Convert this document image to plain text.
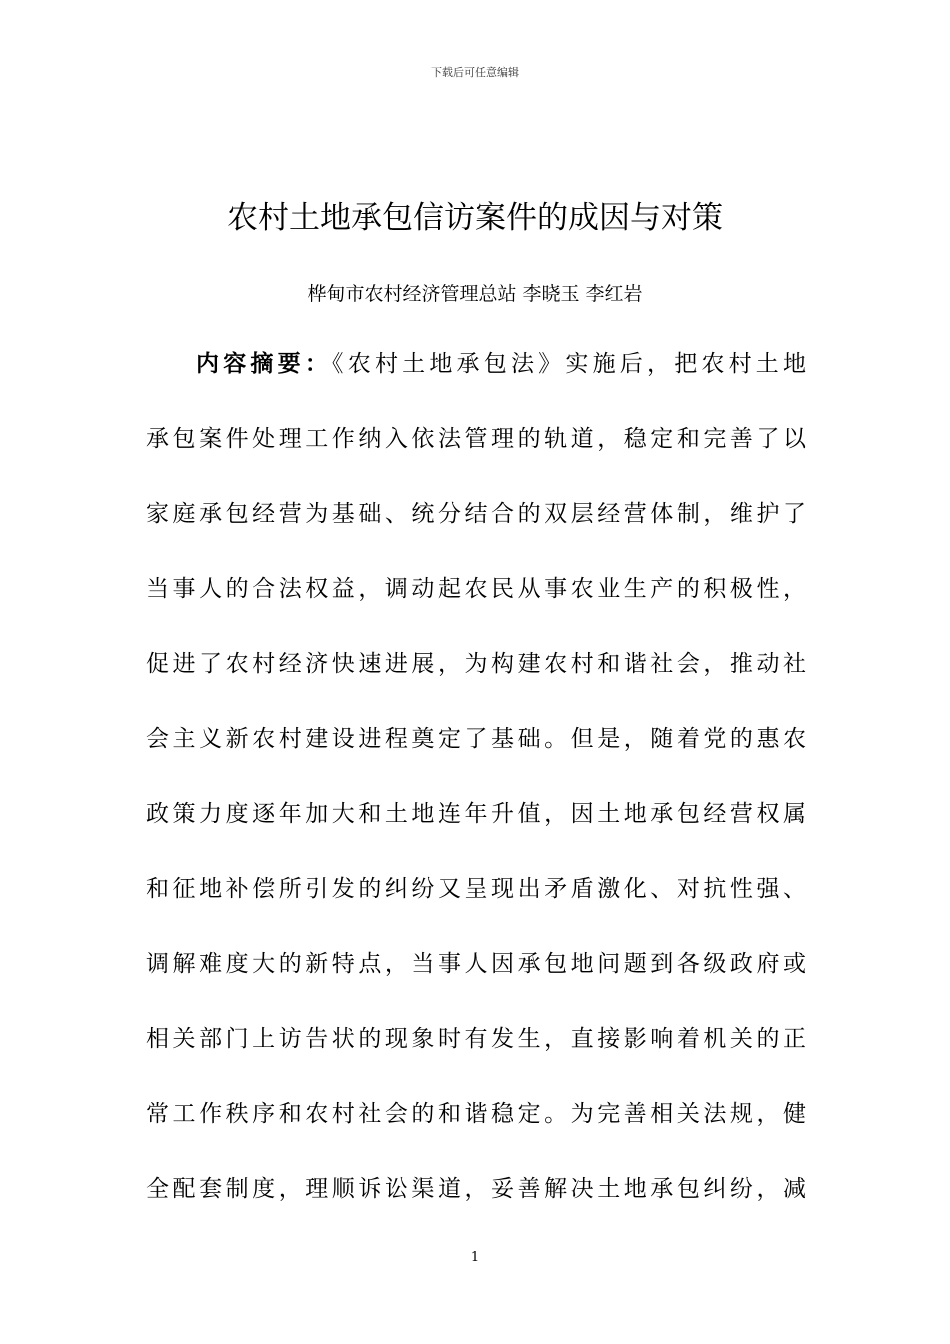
下载后可任意编辑
农村土地承包信访案件的成因与对策
桦甸市农村经济管理总站 李晓玉 李红岩
内容摘要：《农村土地承包法》实施后，把农村土地
承包案件处理工作纳入依法管理的轨道，稳定和完善了以
家庭承包经营为基础、统分结合的双层经营体制，维护了
当事人的合法权益，调动起农民从事农业生产的积极性，
促进了农村经济快速进展，为构建农村和谐社会，推动社
会主义新农村建设进程奠定了基础。但是，随着党的惠农
政策力度逐年加大和土地连年升值，因土地承包经营权属
和征地补偿所引发的纠纷又呈现出矛盾激化、对抗性强、
调解难度大的新特点，当事人因承包地问题到各级政府或
相关部门上访告状的现象时有发生，直接影响着机关的正
常工作秩序和农村社会的和谐稳定。为完善相关法规，健
全配套制度，理顺诉讼渠道，妥善解决土地承包纠纷，减
1
